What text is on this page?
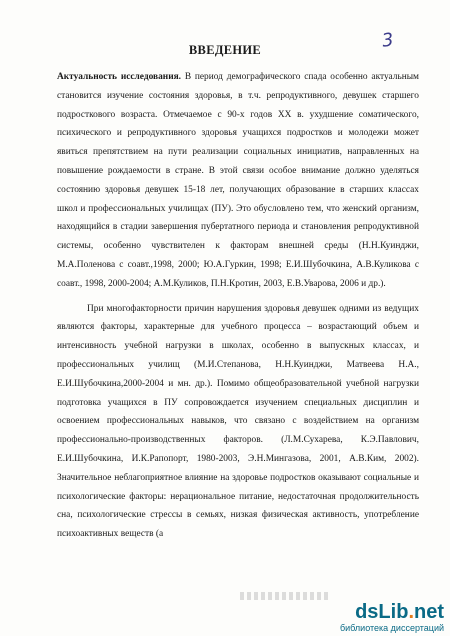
3
ВВЕДЕНИЕ

Актуальность исследования. В период демографического спада особенно актуальным становится изучение состояния здоровья, в т.ч. репродуктивного, девушек старшего подросткового возраста. Отмечаемое с 90-х годов XX в. ухудшение соматического, психического и репродуктивного здоровья учащихся подростков и молодежи может явиться препятствием на пути реализации социальных инициатив, направленных на повышение рождаемости в стране. В этой связи особое внимание должно уделяться состоянию здоровья девушек 15-18 лет, получающих образование в старших классах школ и профессиональных училищах (ПУ). Это обусловлено тем, что женский организм, находящийся в стадии завершения пубертатного периода и становления репродуктивной системы, особенно чувствителен к факторам внешней среды (Н.Н.Куинджи, М.А.Поленова с соавт.,1998, 2000; Ю.А.Гуркин, 1998; Е.И.Шубочкина, А.В.Куликова с соавт., 1998, 2000-2004; А.М.Куликов, П.Н.Кротин, 2003, Е.В.Уварова, 2006 и др.).

При многофакторности причин нарушения здоровья девушек одними из ведущих являются факторы, характерные для учебного процесса – возрастающий объем и интенсивность учебной нагрузки в школах, особенно в выпускных классах, и профессиональных училищ (М.И.Степанова, Н.Н.Куинджи, Матвеева Н.А., Е.И.Шубочкина,2000-2004 и мн. др.). Помимо общеобразовательной учебной нагрузки подготовка учащихся в ПУ сопровождается изучением специальных дисциплин и освоением профессиональных навыков, что связано с воздействием на организм профессионально-производственных факторов. (Л.М.Сухарева, К.Э.Павлович, Е.И.Шубочкина, И.К.Рапопорт, 1980-2003, Э.Н.Мингазова, 2001, А.В.Ким, 2002). Значительное неблагоприятное влияние на здоровье подростков оказывают социальные и психологические факторы: нерациональное питание, недостаточная продолжительность сна, психологические стрессы в семьях, низкая физическая активность, употребление психоактивных веществ (а

dsLib.net
библиотека диссертаций
